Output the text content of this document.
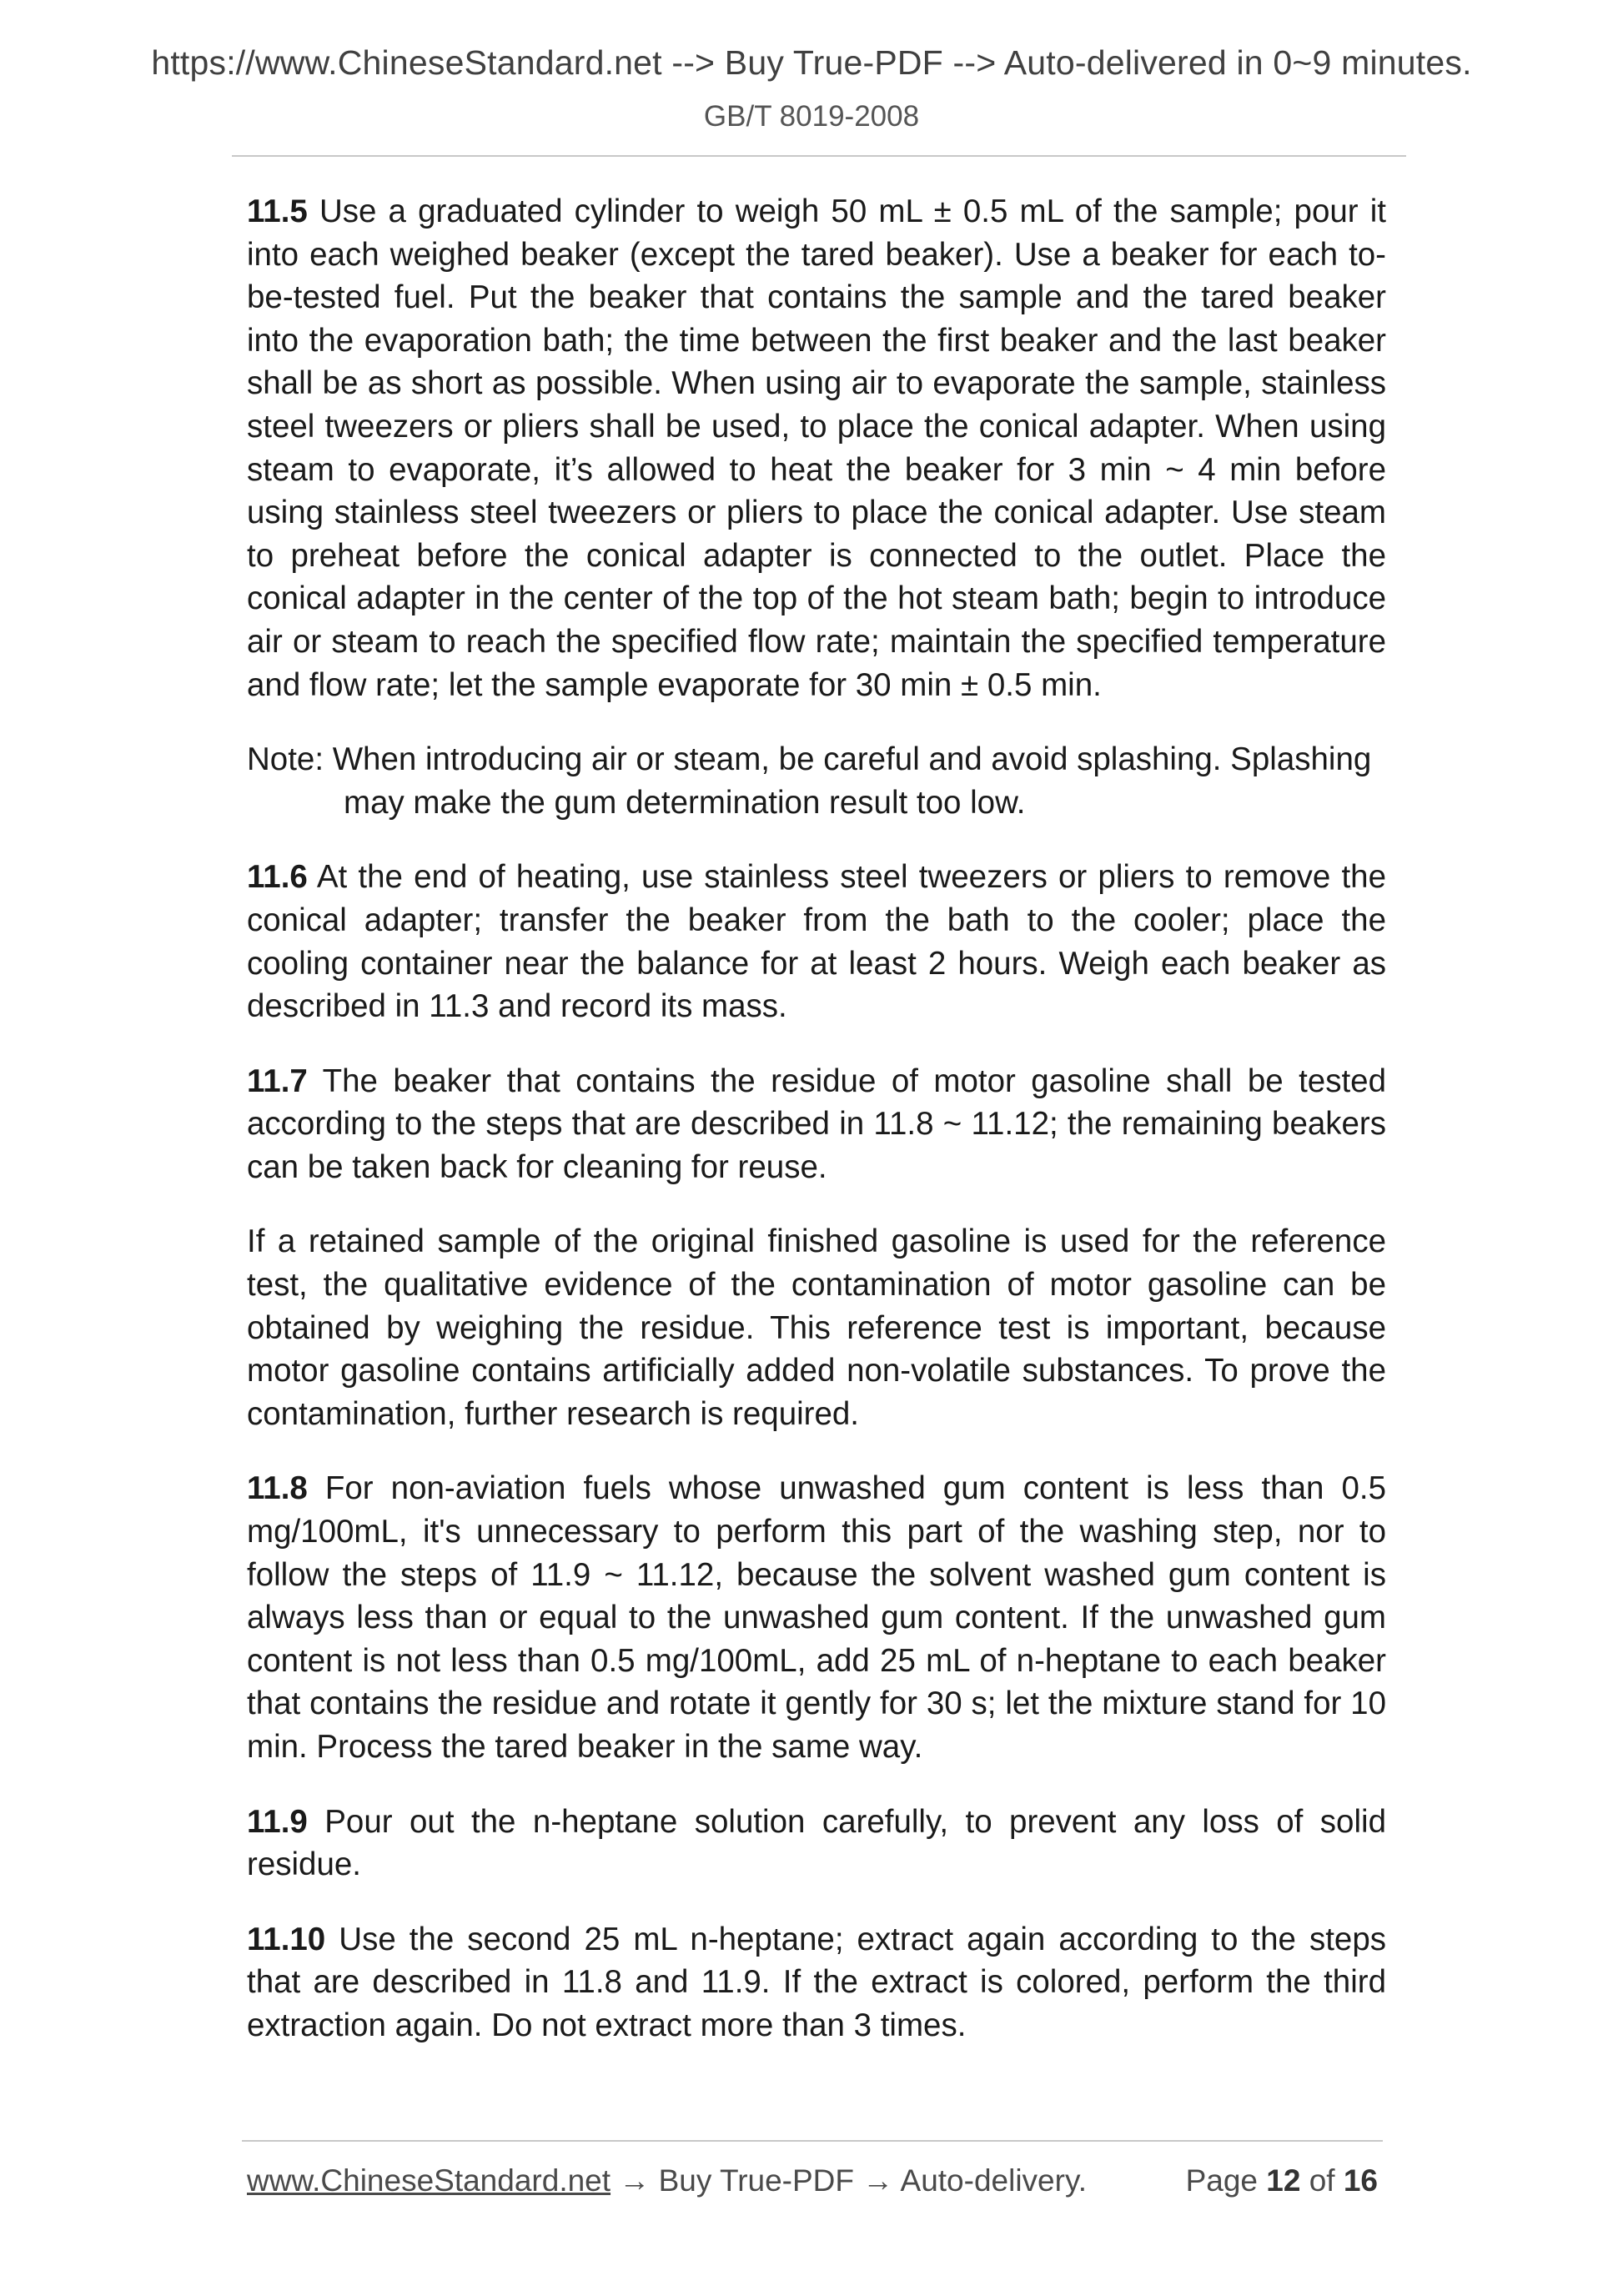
https://www.ChineseStandard.net --> Buy True-PDF --> Auto-delivered in 0~9 minutes.
GB/T 8019-2008

11.5 Use a graduated cylinder to weigh 50 mL ± 0.5 mL of the sample; pour it into each weighed beaker (except the tared beaker). Use a beaker for each to-be-tested fuel. Put the beaker that contains the sample and the tared beaker into the evaporation bath; the time between the first beaker and the last beaker shall be as short as possible. When using air to evaporate the sample, stainless steel tweezers or pliers shall be used, to place the conical adapter. When using steam to evaporate, it’s allowed to heat the beaker for 3 min ~ 4 min before using stainless steel tweezers or pliers to place the conical adapter. Use steam to preheat before the conical adapter is connected to the outlet. Place the conical adapter in the center of the top of the hot steam bath; begin to introduce air or steam to reach the specified flow rate; maintain the specified temperature and flow rate; let the sample evaporate for 30 min ± 0.5 min.

Note: When introducing air or steam, be careful and avoid splashing. Splashing
may make the gum determination result too low.

11.6 At the end of heating, use stainless steel tweezers or pliers to remove the conical adapter; transfer the beaker from the bath to the cooler; place the cooling container near the balance for at least 2 hours. Weigh each beaker as described in 11.3 and record its mass.

11.7 The beaker that contains the residue of motor gasoline shall be tested according to the steps that are described in 11.8 ~ 11.12; the remaining beakers can be taken back for cleaning for reuse.

If a retained sample of the original finished gasoline is used for the reference test, the qualitative evidence of the contamination of motor gasoline can be obtained by weighing the residue. This reference test is important, because motor gasoline contains artificially added non-volatile substances. To prove the contamination, further research is required.

11.8 For non-aviation fuels whose unwashed gum content is less than 0.5 mg/100mL, it's unnecessary to perform this part of the washing step, nor to follow the steps of 11.9 ~ 11.12, because the solvent washed gum content is always less than or equal to the unwashed gum content. If the unwashed gum content is not less than 0.5 mg/100mL, add 25 mL of n-heptane to each beaker that contains the residue and rotate it gently for 30 s; let the mixture stand for 10 min. Process the tared beaker in the same way.

11.9 Pour out the n-heptane solution carefully, to prevent any loss of solid residue.

11.10 Use the second 25 mL n-heptane; extract again according to the steps that are described in 11.8 and 11.9. If the extract is colored, perform the third extraction again. Do not extract more than 3 times.

www.ChineseStandard.net → Buy True-PDF → Auto-delivery.	Page 12 of 16
